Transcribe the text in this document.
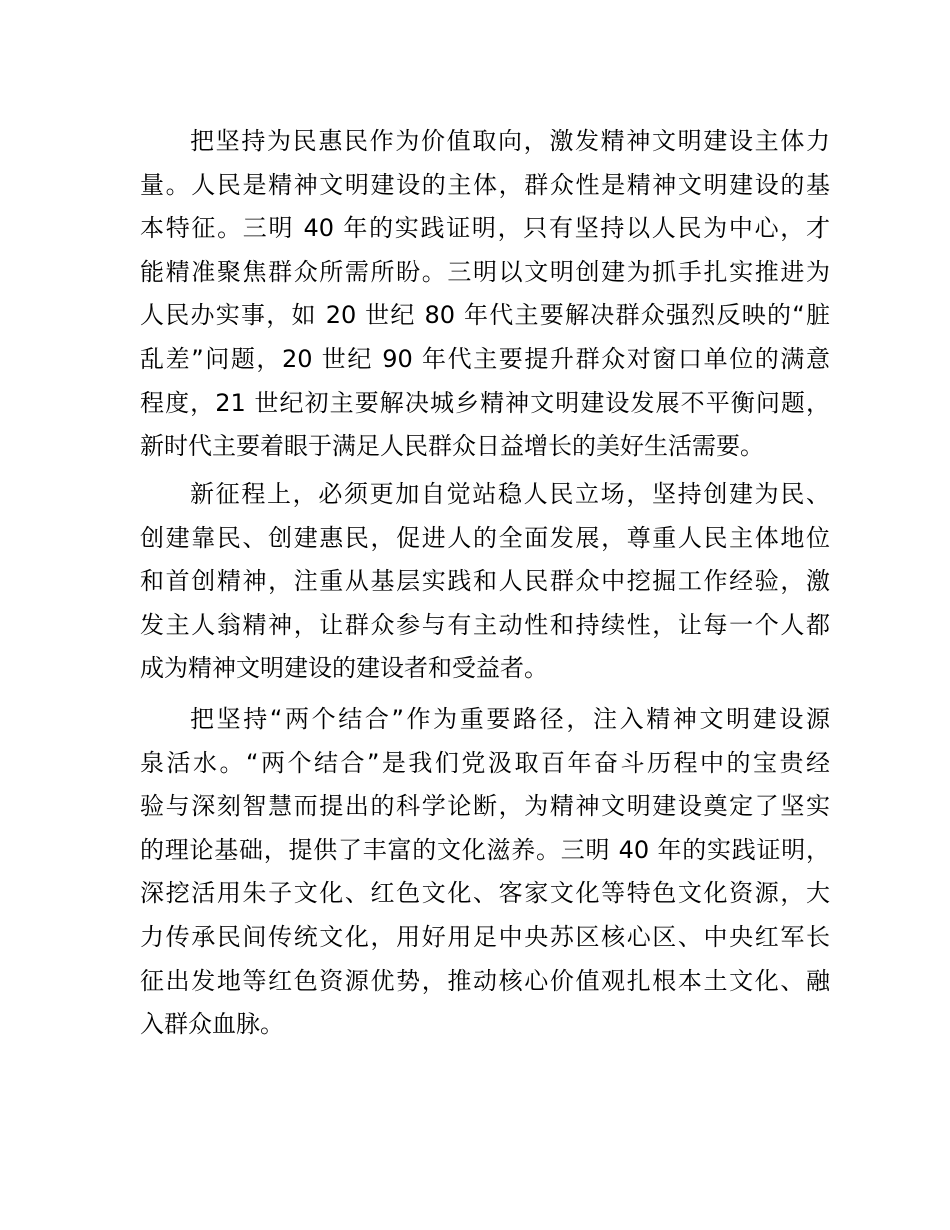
把坚持为民惠民作为价值取向，激发精神文明建设主体力
量。人民是精神文明建设的主体，群众性是精神文明建设的基
本特征。三明 40 年的实践证明，只有坚持以人民为中心，才
能精准聚焦群众所需所盼。三明以文明创建为抓手扎实推进为
人民办实事，如 20 世纪 80 年代主要解决群众强烈反映的“脏
乱差”问题，20 世纪 90 年代主要提升群众对窗口单位的满意
程度，21 世纪初主要解决城乡精神文明建设发展不平衡问题，
新时代主要着眼于满足人民群众日益增长的美好生活需要。
新征程上，必须更加自觉站稳人民立场，坚持创建为民、
创建靠民、创建惠民，促进人的全面发展，尊重人民主体地位
和首创精神，注重从基层实践和人民群众中挖掘工作经验，激
发主人翁精神，让群众参与有主动性和持续性，让每一个人都
成为精神文明建设的建设者和受益者。
把坚持“两个结合”作为重要路径，注入精神文明建设源
泉活水。“两个结合”是我们党汲取百年奋斗历程中的宝贵经
验与深刻智慧而提出的科学论断，为精神文明建设奠定了坚实
的理论基础，提供了丰富的文化滋养。三明 40 年的实践证明，
深挖活用朱子文化、红色文化、客家文化等特色文化资源，大
力传承民间传统文化，用好用足中央苏区核心区、中央红军长
征出发地等红色资源优势，推动核心价值观扎根本土文化、融
入群众血脉。
